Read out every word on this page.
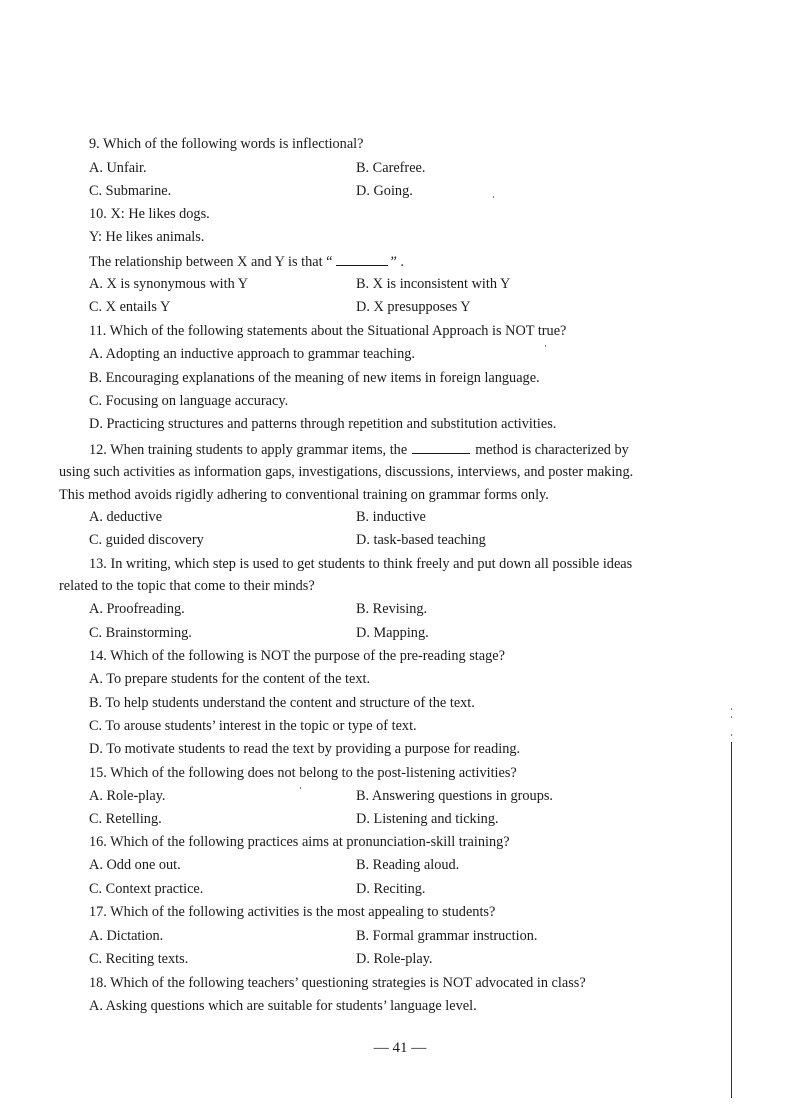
9. Which of the following words is inflectional?
A. Unfair.	B. Carefree.
C. Submarine.	D. Going.
10. X: He likes dogs.
Y: He likes animals.
The relationship between X and Y is that “	” .
A. X is synonymous with Y	B. X is inconsistent with Y
C. X entails Y	D. X presupposes Y
11. Which of the following statements about the Situational Approach is NOT true?
A. Adopting an inductive approach to grammar teaching.
B. Encouraging explanations of the meaning of new items in foreign language.
C. Focusing on language accuracy.
D. Practicing structures and patterns through repetition and substitution activities.
12. When training students to apply grammar items, the	method is characterized by
using such activities as information gaps, investigations, discussions, interviews, and poster making.
This method avoids rigidly adhering to conventional training on grammar forms only.
A. deductive	B. inductive
C. guided discovery	D. task-based teaching
13. In writing, which step is used to get students to think freely and put down all possible ideas
related to the topic that come to their minds?
A. Proofreading.	B. Revising.
C. Brainstorming.	D. Mapping.
14. Which of the following is NOT the purpose of the pre-reading stage?
A. To prepare students for the content of the text.
B. To help students understand the content and structure of the text.
C. To arouse students’ interest in the topic or type of text.
D. To motivate students to read the text by providing a purpose for reading.
15. Which of the following does not belong to the post-listening activities?
A. Role-play.	B. Answering questions in groups.
C. Retelling.	D. Listening and ticking.
16. Which of the following practices aims at pronunciation-skill training?
A. Odd one out.	B. Reading aloud.
C. Context practice.	D. Reciting.
17. Which of the following activities is the most appealing to students?
A. Dictation.	B. Formal grammar instruction.
C. Reciting texts.	D. Role-play.
18. Which of the following teachers’ questioning strategies is NOT advocated in class?
A. Asking questions which are suitable for students’ language level.
— 41 —
